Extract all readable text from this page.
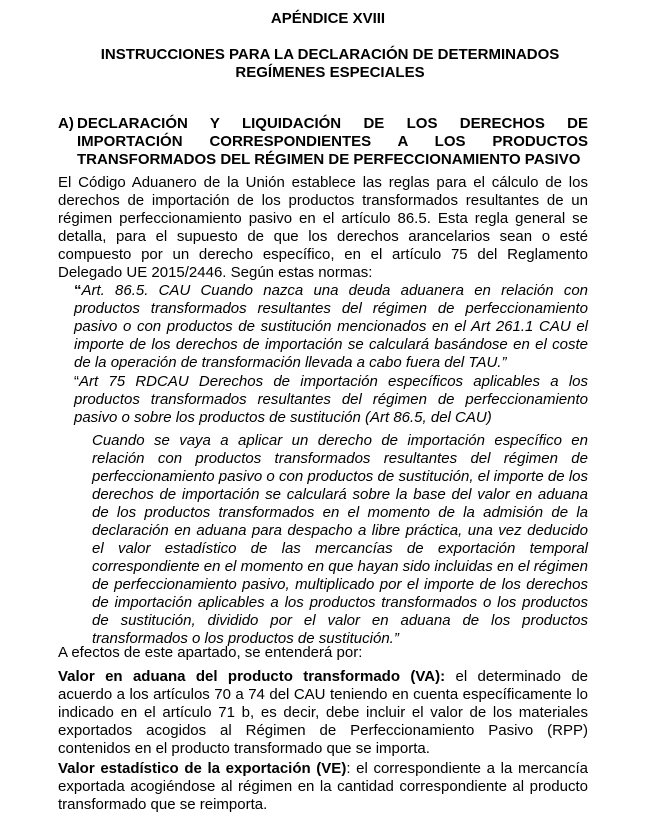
APÉNDICE XVIII
INSTRUCCIONES PARA LA DECLARACIÓN DE DETERMINADOS REGÍMENES ESPECIALES
A) DECLARACIÓN Y LIQUIDACIÓN DE LOS DERECHOS DE IMPORTACIÓN CORRESPONDIENTES A LOS PRODUCTOS TRANSFORMADOS DEL RÉGIMEN DE PERFECCIONAMIENTO PASIVO
El Código Aduanero de la Unión establece las reglas para el cálculo de los derechos de importación de los productos transformados resultantes de un régimen perfeccionamiento pasivo en el artículo 86.5. Esta regla general se detalla, para el supuesto de que los derechos arancelarios sean o esté compuesto por un derecho específico, en el artículo 75 del Reglamento Delegado UE 2015/2446. Según estas normas:
“Art. 86.5. CAU Cuando nazca una deuda aduanera en relación con productos transformados resultantes del régimen de perfeccionamiento pasivo o con productos de sustitución mencionados en el Art 261.1 CAU el importe de los derechos de importación se calculará basándose en el coste de la operación de transformación llevada a cabo fuera del TAU.”
“Art 75 RDCAU Derechos de importación específicos aplicables a los productos transformados resultantes del régimen de perfeccionamiento pasivo o sobre los productos de sustitución (Art 86.5, del CAU)
Cuando se vaya a aplicar un derecho de importación específico en relación con productos transformados resultantes del régimen de perfeccionamiento pasivo o con productos de sustitución, el importe de los derechos de importación se calculará sobre la base del valor en aduana de los productos transformados en el momento de la admisión de la declaración en aduana para despacho a libre práctica, una vez deducido el valor estadístico de las mercancías de exportación temporal correspondiente en el momento en que hayan sido incluidas en el régimen de perfeccionamiento pasivo, multiplicado por el importe de los derechos de importación aplicables a los productos transformados o los productos de sustitución, dividido por el valor en aduana de los productos transformados o los productos de sustitución.”
A efectos de este apartado, se entenderá por:
Valor en aduana del producto transformado (VA): el determinado de acuerdo a los artículos 70 a 74 del CAU teniendo en cuenta específicamente lo indicado en el artículo 71 b, es decir, debe incluir el valor de los materiales exportados acogidos al Régimen de Perfeccionamiento Pasivo (RPP) contenidos en el producto transformado que se importa.
Valor estadístico de la exportación (VE): el correspondiente a la mercancía exportada acogiéndose al régimen en la cantidad correspondiente al producto transformado que se reimporta.
